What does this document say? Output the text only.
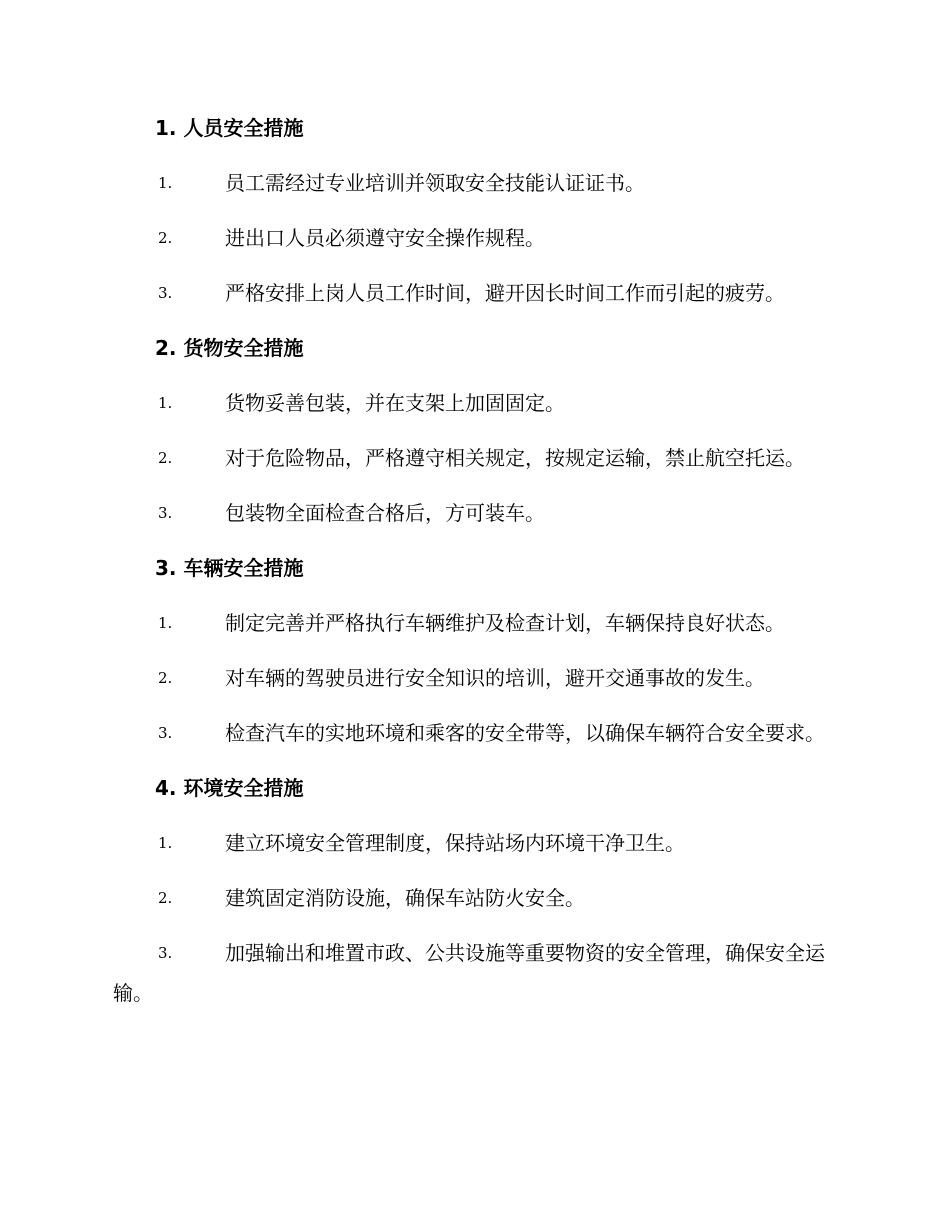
1. 人员安全措施
1.	员工需经过专业培训并领取安全技能认证证书。
2.	进出口人员必须遵守安全操作规程。
3.	严格安排上岗人员工作时间，避开因长时间工作而引起的疲劳。
2. 货物安全措施
1.	货物妥善包装，并在支架上加固固定。
2.	对于危险物品，严格遵守相关规定，按规定运输，禁止航空托运。
3.	包装物全面检查合格后，方可装车。
3. 车辆安全措施
1.	制定完善并严格执行车辆维护及检查计划，车辆保持良好状态。
2.	对车辆的驾驶员进行安全知识的培训，避开交通事故的发生。
3.	检查汽车的实地环境和乘客的安全带等，以确保车辆符合安全要求。
4. 环境安全措施
1.	建立环境安全管理制度，保持站场内环境干净卫生。
2.	建筑固定消防设施，确保车站防火安全。
3.	加强输出和堆置市政、公共设施等重要物资的安全管理，确保安全运输。
